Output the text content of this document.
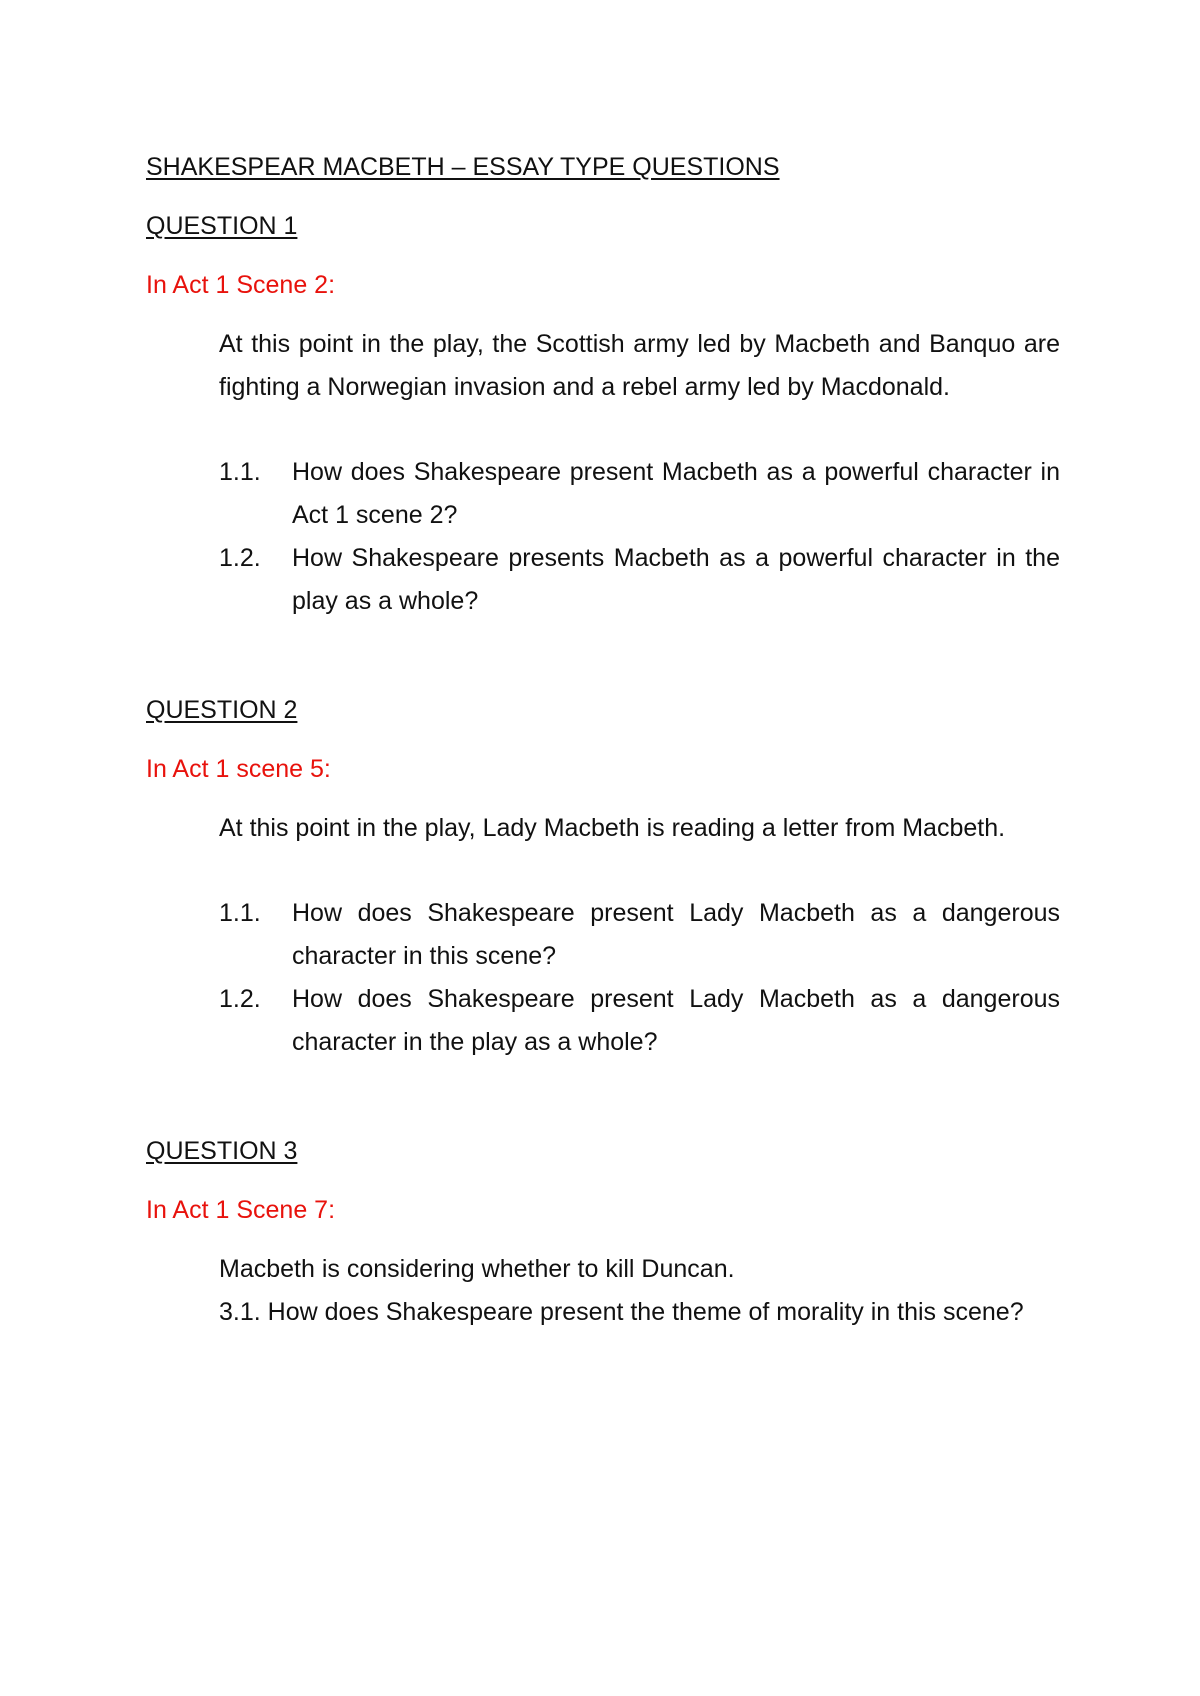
SHAKESPEAR MACBETH – ESSAY TYPE QUESTIONS
QUESTION 1
In Act 1 Scene 2:

At this point in the play, the Scottish army led by Macbeth and Banquo are fighting a Norwegian invasion and a rebel army led by Macdonald.

1.1. How does Shakespeare present Macbeth as a powerful character in Act 1 scene 2?
1.2. How Shakespeare presents Macbeth as a powerful character in the play as a whole?
QUESTION 2
In Act 1 scene 5:

At this point in the play, Lady Macbeth is reading a letter from Macbeth.

1.1. How does Shakespeare present Lady Macbeth as a dangerous character in this scene?
1.2. How does Shakespeare present Lady Macbeth as a dangerous character in the play as a whole?
QUESTION 3
In Act 1 Scene 7:

Macbeth is considering whether to kill Duncan.

3.1. How does Shakespeare present the theme of morality in this scene?
